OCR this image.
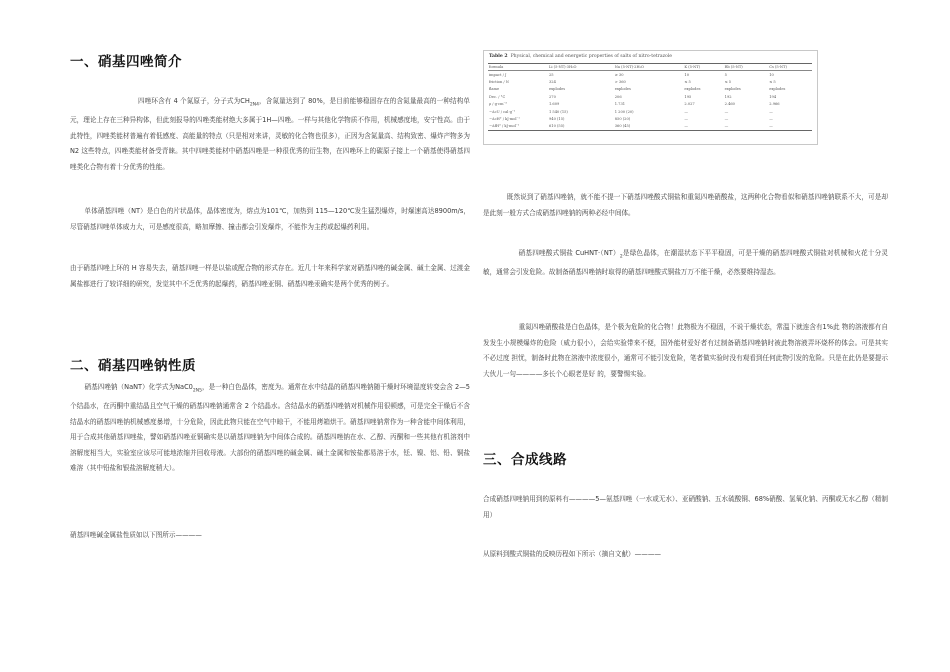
一、硝基四唑简介

四唑环含有 4 个氮原子，分子式为$CH_{2N4}$，含氮量达到了 80%，是目前能够稳固存在的含氮量最高的一种结构单元，理论上存在三种异构体，但此刻报导的四唑类能材绝大多属于1H—四唑。一样与其他化学物质不作用，机械感度地，安宁性高。由于此特性，四唑类能材普遍有着低感度、高能量的特点（只是相对来讲，灵敏的化合物也很多），正因为含氮量高、结构致密、爆炸产物多为N2 这些特点，四唑类能材备受青睐。其中四唑类能材中硝基四唑是一种很优秀的衍生物，在四唑环上的碳原子接上一个硝基使得硝基四唑类化合物有着十分优秀的性能。

单体硝基四唑（NT）是白色的片状晶体，晶体密度为，熔点为101℃，加热到 115—120℃发生猛烈爆炸，时爆速高达8900m/s，尽管硝基四唑单体威力大，可是感度很高，略加摩擦、撞击都会引发爆炸，不能作为主药或起爆药利用。

由于硝基四唑上环的 H 容易失去，硝基四唑一样是以盐或配合物的形式存在。近几十年来科学家对硝基四唑的碱金属、碱土金属、过渡金属盐都进行了较详细的研究，发觉其中不乏优秀的起爆药，硝基四唑亚铜、硝基四唑汞确实是两个优秀的例子。

二、硝基四唑钠性质

硝基四唑钠（NaNT）化学式为$NaC0_{2N5}$，是一种白色晶体，密度为。通常在水中结晶的硝基四唑钠随干燥时环境湿度转变会含 2—5 个结晶水，在丙酮中重结晶且空气干燥的硝基四唑钠通常含 2 个结晶水。含结晶水的硝基四唑钠对机械作用很顿感，可是完全干燥后不含结晶水的硝基四唑钠机械感度暴增，十分危险，因此此物只能在空气中晾干，不能用烤箱烘干。硝基四唑钠常作为一种含能中间体利用，用于合成其他硝基四唑盐，譬如硝基四唑亚铜确实是以硝基四唑钠为中间体合成的。硝基四唑钠在水、乙醇、丙酮和一些其他有机溶剂中溶解度相当大，实验室应该尽可能地浓缩并回收母液。大部份的硝基四唑的碱金属、碱土金属和铵盐都易溶于水，铥、镍、铝、铅、铜盐难溶（其中铅盐和银盐溶解度稍大）。

硝基四唑碱金属盐性质如以下图所示————

Table 2 Physical, chemical and energetic properties of salts of nitro-tetrazole
formula	Li (5-NT)·3H₂O	Na (5-NT)·2H₂O	K (5-NT)	Rb (5-NT)	Cs (5-NT)
impact / J	25	≥ 30	10	5	10
friction / N	324	> 360	≤ 5	≤ 5	≤ 5
flame	explodes	explodes	explodes	explodes	explodes
Dec. / °C	270	206	195	192	194
ρ / g·cm⁻³	1.609	1.731	2.027	2.460	2.966
−ΔcU / cal·g⁻¹	1 540 (15)	1 200 (20)	—	—	—
−ΔcH° / kJ·mol⁻¹	940 (15)	850 (20)	—	—	—
−ΔfH° / kJ·mol⁻¹	610 (55)	360 (45)	—	—	—

既然说到了硝基四唑钠，就不能不提一下硝基四唑酸式铜盐和重氮四唑硝酸盐，这两种化合物看似和硝基四唑钠联系不大，可是却是此刻一般方式合成硝基四唑钠的两种必经中间体。

硝基四唑酸式铜盐 $CuHNT\cdot(NT)_2$是绿色晶体，在潮湿状态下平平稳固，可是干燥的硝基四唑酸式铜盐对机械和火花十分灵敏，通常会引发危险。故制备硝基四唑钠时取得的硝基四唑酸式铜盐万万不能干燥，必然要维持湿态。

重氮四唑硝酸盐是白色晶体，是个极为危险的化合物！此物极为不稳固，不说干燥状态，常温下就连含有1%此 物的溶液都有自发发生小规模爆炸的危险（威力很小），会给实验带来不便，国外能材爱好者有过制备硝基四唑钠时被此物溶液弄坏烧杯的体会。可是其实不必过度 担忧，制备时此物在溶液中浓度很小，通常可不能引发危险，笔者做实验时没有观看到任何此物引发的危险。只是在此仍是要提示大伙儿一句————多长个心眼老是好 的，要警惕实验。

三、合成线路

合成硝基四唑钠用到的原料有————5—氨基四唑（一水或无水）、亚硝酸钠、五水硫酸铜、68%硝酸、氢氧化钠、丙酮或无水乙醇（精制用）

从原料到酸式铜盐的反映历程如下所示（摘自文献）————
